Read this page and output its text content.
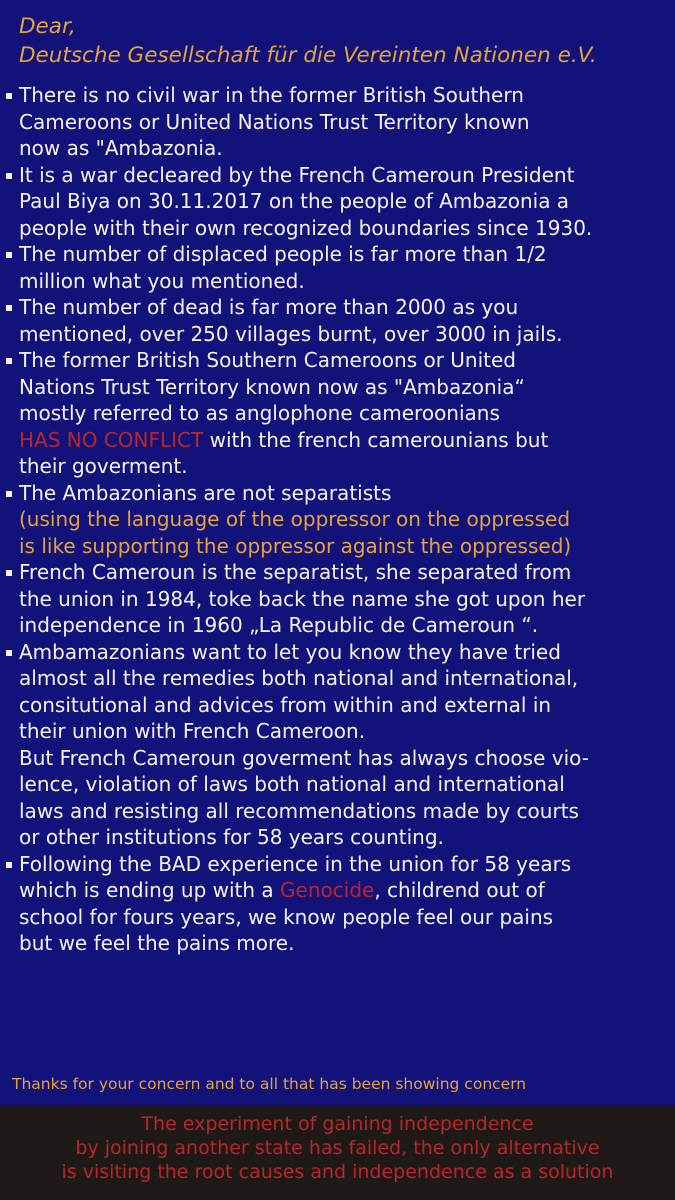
Dear,
Deutsche Gesellschaft für die Vereinten Nationen e.V.
There is no civil war in the former British Southern
Cameroons or United Nations Trust Territory known
now as "Ambazonia.
It is a war decleared by the French Cameroun President
Paul Biya on 30.11.2017 on the people of Ambazonia a
people with their own recognized boundaries since 1930.
The number of displaced people is far more than 1/2
million what you mentioned.
The number of dead is far more than 2000 as you
mentioned, over 250 villages burnt, over 3000 in jails.
The former British Southern Cameroons or United
Nations Trust Territory known now as "Ambazonia“
mostly referred to as anglophone cameroonians
HAS NO CONFLICT with the french camerounians but
their goverment.
The Ambazonians are not separatists
(using the language of the oppressor on the oppressed
is like supporting the oppressor against the oppressed)
French Cameroun is the separatist, she separated from
the union in 1984, toke back the name she got upon her
independence in 1960 „La Republic de Cameroun “.
Ambamazonians want to let you know they have tried
almost all the remedies both national and international,
consitutional and advices from within and external in
their union with French Cameroon.
But French Cameroun goverment has always choose vio-
lence, violation of laws both national and international
laws and resisting all recommendations made by courts
or other institutions for 58 years counting.
Following the BAD experience in the union for 58 years
which is ending up with a Genocide, childrend out of
school for fours years, we know people feel our pains
but we feel the pains more.
Thanks for your concern and to all that has been showing concern
The experiment of gaining independence
by joining another state has failed, the only alternative
is visiting the root causes and independence as a solution
